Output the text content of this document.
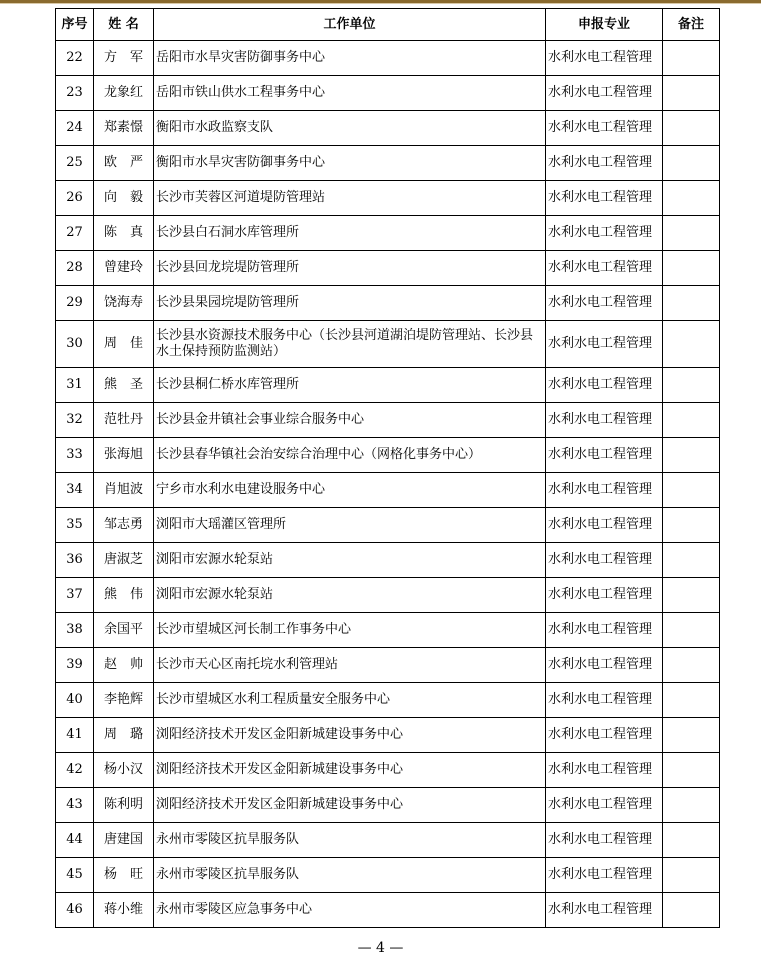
序号	姓 名	工作单位	申报专业	备注
22	方　军	岳阳市水旱灾害防御事务中心	水利水电工程管理	
23	龙象红	岳阳市铁山供水工程事务中心	水利水电工程管理	
24	郑素憬	衡阳市水政监察支队	水利水电工程管理	
25	欧　严	衡阳市水旱灾害防御事务中心	水利水电工程管理	
26	向　毅	长沙市芙蓉区河道堤防管理站	水利水电工程管理	
27	陈　真	长沙县白石洞水库管理所	水利水电工程管理	
28	曾建玲	长沙县回龙垸堤防管理所	水利水电工程管理	
29	饶海寿	长沙县果园垸堤防管理所	水利水电工程管理	
30	周　佳	长沙县水资源技术服务中心（长沙县河道湖泊堤防管理站、长沙县水土保持预防监测站）	水利水电工程管理	
31	熊　圣	长沙县桐仁桥水库管理所	水利水电工程管理	
32	范牡丹	长沙县金井镇社会事业综合服务中心	水利水电工程管理	
33	张海旭	长沙县春华镇社会治安综合治理中心（网格化事务中心）	水利水电工程管理	
34	肖旭波	宁乡市水利水电建设服务中心	水利水电工程管理	
35	邹志勇	浏阳市大瑶灌区管理所	水利水电工程管理	
36	唐淑芝	浏阳市宏源水轮泵站	水利水电工程管理	
37	熊　伟	浏阳市宏源水轮泵站	水利水电工程管理	
38	余国平	长沙市望城区河长制工作事务中心	水利水电工程管理	
39	赵　帅	长沙市天心区南托垸水利管理站	水利水电工程管理	
40	李艳辉	长沙市望城区水利工程质量安全服务中心	水利水电工程管理	
41	周　璐	浏阳经济技术开发区金阳新城建设事务中心	水利水电工程管理	
42	杨小汉	浏阳经济技术开发区金阳新城建设事务中心	水利水电工程管理	
43	陈利明	浏阳经济技术开发区金阳新城建设事务中心	水利水电工程管理	
44	唐建国	永州市零陵区抗旱服务队	水利水电工程管理	
45	杨　旺	永州市零陵区抗旱服务队	水利水电工程管理	
46	蒋小维	永州市零陵区应急事务中心	水利水电工程管理	
— 4 —
